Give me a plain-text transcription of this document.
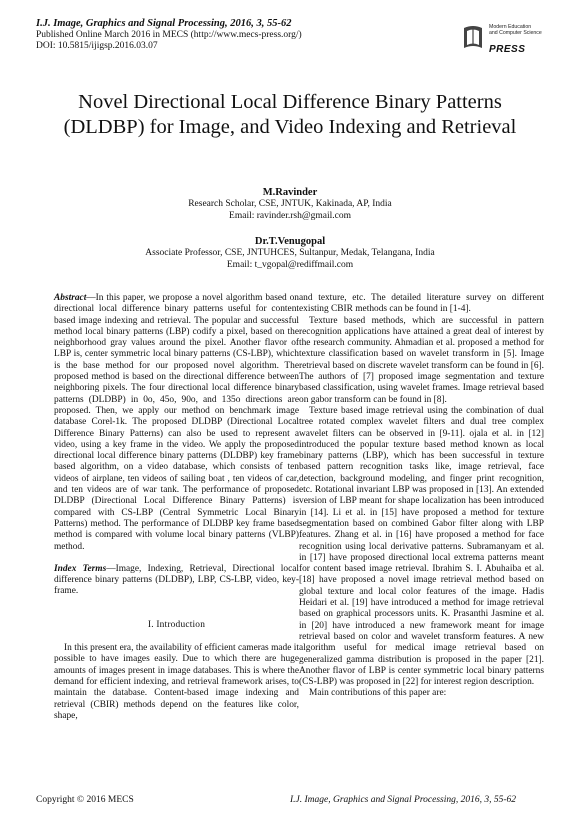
I.J. Image, Graphics and Signal Processing, 2016, 3, 55-62
Published Online March 2016 in MECS (http://www.mecs-press.org/)
DOI: 10.5815/ijigsp.2016.03.07
Modern Education
and Computer Science
PRESS
Novel Directional Local Difference Binary Patterns (DLDBP) for Image, and Video Indexing and Retrieval
M.Ravinder
Research Scholar, CSE, JNTUK, Kakinada, AP, India
Email: ravinder.rsh@gmail.com
Dr.T.Venugopal
Associate Professor, CSE, JNTUHCES, Sultanpur, Medak, Telangana, India
Email: t_vgopal@rediffmail.com

Abstract—In this paper, we propose a novel algorithm based on directional local difference binary patterns useful for content based image indexing and retrieval. The popular and successful method local binary patterns (LBP) codify a pixel, based on the neighborhood gray values around the pixel. Another flavor of LBP is, center symmetric local binary patterns (CS-LBP), which is the base method for our proposed novel algorithm. The proposed method is based on the directional difference between neighboring pixels. The four directional local difference binary patterns (DLDBP) in 0o, 45o, 90o, and 135o directions are proposed. Then, we apply our method on benchmark image database Corel-1k. The proposed DLDBP (Directional Local Difference Binary Patterns) can also be used to represent a video, using a key frame in the video. We apply the proposed directional local difference binary patterns (DLDBP) key frame based algorithm, on a video database, which consists of ten videos of airplane, ten videos of sailing boat , ten videos of car, and ten videos are of war tank. The performance of proposed DLDBP (Directional Local Difference Binary Patterns) is compared with CS-LBP (Central Symmetric Local Binary Patterns) method. The performance of DLDBP key frame based method is compared with volume local binary patterns (VLBP) method.

Index Terms—Image, Indexing, Retrieval, Directional local difference binary patterns (DLDBP), LBP, CS-LBP, video, key-frame.

I. Introduction

In this present era, the availability of efficient cameras made it possible to have images easily. Due to which there are huge amounts of images present in image databases. This is where the demand for efficient indexing, and retrieval framework arises, to maintain the database. Content-based image indexing and retrieval (CBIR) methods depend on the features like color, shape,

and texture, etc. The detailed literature survey on different existing CBIR methods can be found in [1-4].

Texture based methods, which are successful in pattern recognition applications have attained a great deal of interest by the research community. Ahmadian et al. proposed a method for texture classification based on wavelet transform in [5]. Image retrieval based on discrete wavelet transform can be found in [6]. The authors of [7] proposed image segmentation and texture based classification, using wavelet frames. Image retrieval based on gabor transform can be found in [8].

Texture based image retrieval using the combination of dual tree rotated complex wavelet filters and dual tree complex wavelet filters can be observed in [9-11]. ojala et al. in [12] introduced the popular texture based method known as local binary patterns (LBP), which has been successful in texture based pattern recognition tasks like, image retrieval, face detection, background modeling, and finger print recognition, etc. Rotational invariant LBP was proposed in [13]. An extended version of LBP meant for shape localization has been introduced in [14]. Li et al. in [15] have proposed a method for texture segmentation based on combined Gabor filter along with LBP features. Zhang et al. in [16] have proposed a method for face recognition using local derivative patterns. Subramanyam et al. in [17] have proposed directional local extrema patterns meant for content based image retrieval. Ibrahim S. I. Abuhaiba et al. [18] have proposed a novel image retrieval method based on global texture and local color features of the image. Hadis Heidari et al. [19] have introduced a method for image retrieval based on graphical processors units. K. Prasanthi Jasmine et al. in [20] have introduced a new framework meant for image retrieval based on color and wavelet transform features. A new algorithm useful for medical image retrieval based on generalized gamma distribution is proposed in the paper [21]. Another flavor of LBP is center symmetric local binary patterns (CS-LBP) was proposed in [22] for interest region description.

Main contributions of this paper are:

Copyright © 2016 MECS	I.J. Image, Graphics and Signal Processing, 2016, 3, 55-62
